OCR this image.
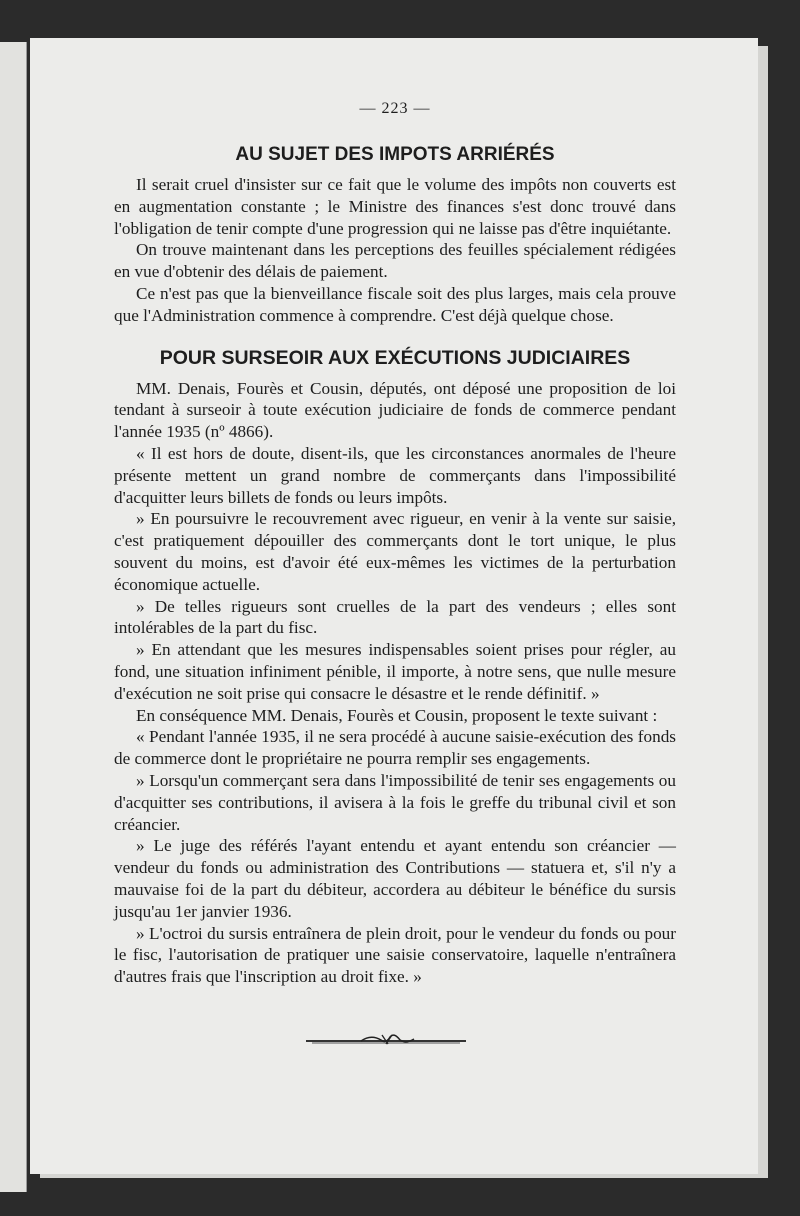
— 223 —
AU SUJET DES IMPOTS ARRIÉRÉS

Il serait cruel d'insister sur ce fait que le volume des impôts non couverts est en augmentation constante ; le Ministre des finances s'est donc trouvé dans l'obligation de tenir compte d'une progression qui ne laisse pas d'être inquiétante.

On trouve maintenant dans les perceptions des feuilles spécialement rédigées en vue d'obtenir des délais de paiement.

Ce n'est pas que la bienveillance fiscale soit des plus larges, mais cela prouve que l'Administration commence à comprendre. C'est déjà quelque chose.

POUR SURSEOIR AUX EXÉCUTIONS JUDICIAIRES

MM. Denais, Fourès et Cousin, députés, ont déposé une proposition de loi tendant à surseoir à toute exécution judiciaire de fonds de commerce pendant l'année 1935 (nº 4866).

« Il est hors de doute, disent-ils, que les circonstances anormales de l'heure présente mettent un grand nombre de commerçants dans l'impossibilité d'acquitter leurs billets de fonds ou leurs impôts.

» En poursuivre le recouvrement avec rigueur, en venir à la vente sur saisie, c'est pratiquement dépouiller des commerçants dont le tort unique, le plus souvent du moins, est d'avoir été eux-mêmes les victimes de la perturbation économique actuelle.

» De telles rigueurs sont cruelles de la part des vendeurs ; elles sont intolérables de la part du fisc.

» En attendant que les mesures indispensables soient prises pour régler, au fond, une situation infiniment pénible, il importe, à notre sens, que nulle mesure d'exécution ne soit prise qui consacre le désastre et le rende définitif. »

En conséquence MM. Denais, Fourès et Cousin, proposent le texte suivant :

« Pendant l'année 1935, il ne sera procédé à aucune saisie-exécution des fonds de commerce dont le propriétaire ne pourra remplir ses engagements.

» Lorsqu'un commerçant sera dans l'impossibilité de tenir ses engagements ou d'acquitter ses contributions, il avisera à la fois le greffe du tribunal civil et son créancier.

» Le juge des référés l'ayant entendu et ayant entendu son créancier — vendeur du fonds ou administration des Contributions — statuera et, s'il n'y a mauvaise foi de la part du débiteur, accordera au débiteur le bénéfice du sursis jusqu'au 1er janvier 1936.

» L'octroi du sursis entraînera de plein droit, pour le vendeur du fonds ou pour le fisc, l'autorisation de pratiquer une saisie conservatoire, laquelle n'entraînera d'autres frais que l'inscription au droit fixe. »
